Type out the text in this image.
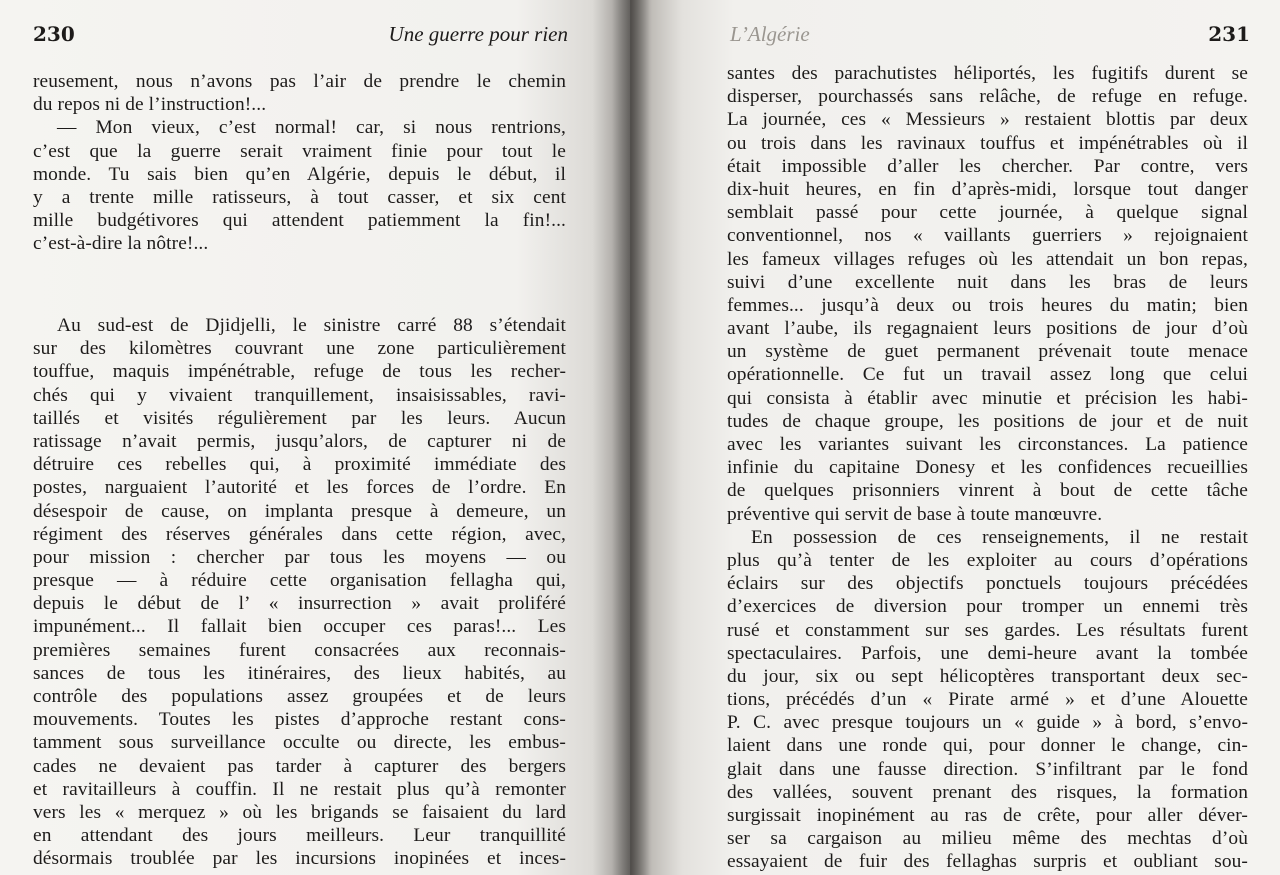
230	Une guerre pour rien	L’Algérie	231
reusement, nous n’avons pas l’air de prendre le chemin
du repos ni de l’instruction!...
— Mon vieux, c’est normal! car, si nous rentrions,
c’est que la guerre serait vraiment finie pour tout le
monde. Tu sais bien qu’en Algérie, depuis le début, il
y a trente mille ratisseurs, à tout casser, et six cent
mille budgétivores qui attendent patiemment la fin!...
c’est-à-dire la nôtre!...
Au sud-est de Djidjelli, le sinistre carré 88 s’étendait
sur des kilomètres couvrant une zone particulièrement
touffue, maquis impénétrable, refuge de tous les recher-
chés qui y vivaient tranquillement, insaisissables, ravi-
taillés et visités régulièrement par les leurs. Aucun
ratissage n’avait permis, jusqu’alors, de capturer ni de
détruire ces rebelles qui, à proximité immédiate des
postes, narguaient l’autorité et les forces de l’ordre. En
désespoir de cause, on implanta presque à demeure, un
régiment des réserves générales dans cette région, avec,
pour mission : chercher par tous les moyens — ou
presque — à réduire cette organisation fellagha qui,
depuis le début de l’ « insurrection » avait proliféré
impunément... Il fallait bien occuper ces paras!... Les
premières semaines furent consacrées aux reconnais-
sances de tous les itinéraires, des lieux habités, au
contrôle des populations assez groupées et de leurs
mouvements. Toutes les pistes d’approche restant cons-
tamment sous surveillance occulte ou directe, les embus-
cades ne devaient pas tarder à capturer des bergers
et ravitailleurs à couffin. Il ne restait plus qu’à remonter
vers les « merquez » où les brigands se faisaient du lard
en attendant des jours meilleurs. Leur tranquillité
désormais troublée par les incursions inopinées et inces-
santes des parachutistes héliportés, les fugitifs durent se
disperser, pourchassés sans relâche, de refuge en refuge.
La journée, ces « Messieurs » restaient blottis par deux
ou trois dans les ravinaux touffus et impénétrables où il
était impossible d’aller les chercher. Par contre, vers
dix-huit heures, en fin d’après-midi, lorsque tout danger
semblait passé pour cette journée, à quelque signal
conventionnel, nos « vaillants guerriers » rejoignaient
les fameux villages refuges où les attendait un bon repas,
suivi d’une excellente nuit dans les bras de leurs
femmes... jusqu’à deux ou trois heures du matin; bien
avant l’aube, ils regagnaient leurs positions de jour d’où
un système de guet permanent prévenait toute menace
opérationnelle. Ce fut un travail assez long que celui
qui consista à établir avec minutie et précision les habi-
tudes de chaque groupe, les positions de jour et de nuit
avec les variantes suivant les circonstances. La patience
infinie du capitaine Donesy et les confidences recueillies
de quelques prisonniers vinrent à bout de cette tâche
préventive qui servit de base à toute manœuvre.
En possession de ces renseignements, il ne restait
plus qu’à tenter de les exploiter au cours d’opérations
éclairs sur des objectifs ponctuels toujours précédées
d’exercices de diversion pour tromper un ennemi très
rusé et constamment sur ses gardes. Les résultats furent
spectaculaires. Parfois, une demi-heure avant la tombée
du jour, six ou sept hélicoptères transportant deux sec-
tions, précédés d’un « Pirate armé » et d’une Alouette
P. C. avec presque toujours un « guide » à bord, s’envo-
laient dans une ronde qui, pour donner le change, cin-
glait dans une fausse direction. S’infiltrant par le fond
des vallées, souvent prenant des risques, la formation
surgissait inopinément au ras de crête, pour aller déver-
ser sa cargaison au milieu même des mechtas d’où
essayaient de fuir des fellaghas surpris et oubliant sou-
